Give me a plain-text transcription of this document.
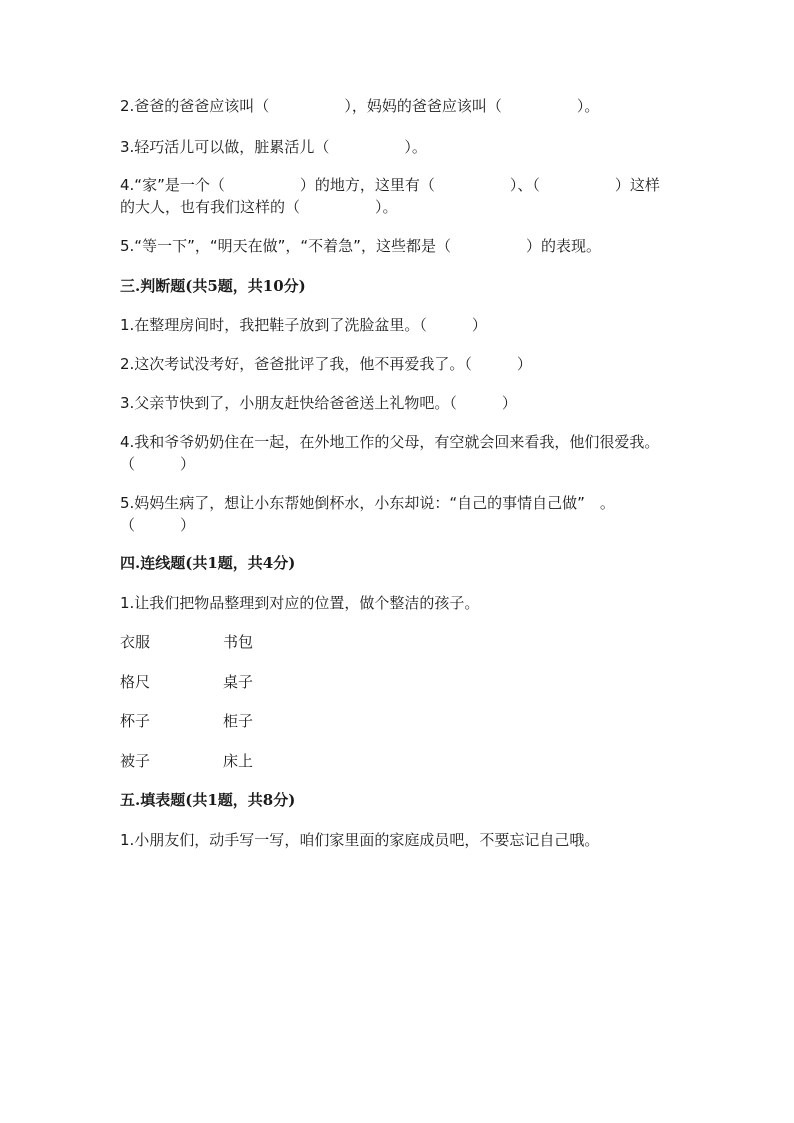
2.爸爸的爸爸应该叫（　　　　　），妈妈的爸爸应该叫（　　　　　）。
3.轻巧活儿可以做，脏累活儿（　　　　　）。
4.“家”是一个（　　　　　）的地方，这里有（　　　　　）、（　　　　　）这样的大人，也有我们这样的（　　　　　）。
5.“等一下”，“明天在做”，“不着急”，这些都是（　　　　　）的表现。
三.判断题(共5题，共10分)
1.在整理房间时，我把鞋子放到了洗脸盆里。（　　　）
2.这次考试没考好，爸爸批评了我，他不再爱我了。（　　　）
3.父亲节快到了，小朋友赶快给爸爸送上礼物吧。（　　　）
4.我和爷爷奶奶住在一起，在外地工作的父母，有空就会回来看我，他们很爱我。（　　　）
5.妈妈生病了，想让小东帮她倒杯水，小东却说：“自己的事情自己做”　。（　　　）
四.连线题(共1题，共4分)
1.让我们把物品整理到对应的位置，做个整洁的孩子。
衣服	书包
格尺	桌子
杯子	柜子
被子	床上
五.填表题(共1题，共8分)
1.小朋友们，动手写一写，咱们家里面的家庭成员吧，不要忘记自己哦。
